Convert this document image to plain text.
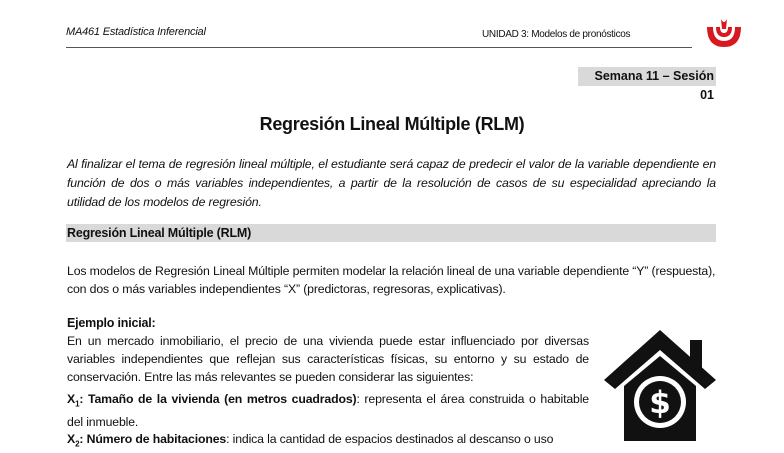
MA461 Estadística Inferencial	UNIDAD 3: Modelos de pronósticos
Semana 11 – Sesión 01
Regresión Lineal Múltiple (RLM)
Al finalizar el tema de regresión lineal múltiple, el estudiante será capaz de predecir el valor de la variable dependiente en función de dos o más variables independientes, a partir de la resolución de casos de su especialidad apreciando la utilidad de los modelos de regresión.
Regresión Lineal Múltiple (RLM)
Los modelos de Regresión Lineal Múltiple permiten modelar la relación lineal de una variable dependiente “Y” (respuesta), con dos o más variables independientes “X” (predictoras, regresoras, explicativas).
Ejemplo inicial:
En un mercado inmobiliario, el precio de una vivienda puede estar influenciado por diversas variables independientes que reflejan sus características físicas, su entorno y su estado de conservación. Entre las más relevantes se pueden considerar las siguientes:
$X_1$: Tamaño de la vivienda (en metros cuadrados): representa el área construida o habitable del inmueble.
$X_2$: Número de habitaciones: indica la cantidad de espacios destinados al descanso o uso
$
